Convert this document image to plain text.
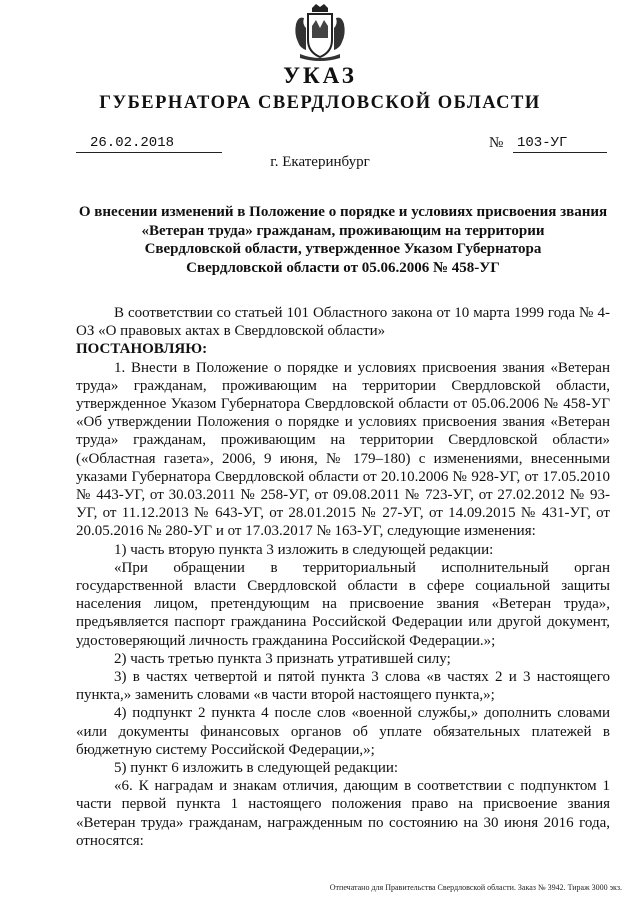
УКАЗ
ГУБЕРНАТОРА СВЕРДЛОВСКОЙ ОБЛАСТИ
26.02.2018	№ 103-УГ
г. Екатеринбург
О внесении изменений в Положение о порядке и условиях присвоения звания
«Ветеран труда» гражданам, проживающим на территории
Свердловской области, утвержденное Указом Губернатора
Свердловской области от 05.06.2006 № 458-УГ

В соответствии со статьей 101 Областного закона от 10 марта 1999 года № 4-ОЗ «О правовых актах в Свердловской области»

ПОСТАНОВЛЯЮ:

1. Внести в Положение о порядке и условиях присвоения звания «Ветеран труда» гражданам, проживающим на территории Свердловской области, утвержденное Указом Губернатора Свердловской области от 05.06.2006 № 458-УГ «Об утверждении Положения о порядке и условиях присвоения звания «Ветеран труда» гражданам, проживающим на территории Свердловской области» («Областная газета», 2006, 9 июня, № 179–180) с изменениями, внесенными указами Губернатора Свердловской области от 20.10.2006 № 928-УГ, от 17.05.2010 № 443-УГ, от 30.03.2011 № 258-УГ, от 09.08.2011 № 723-УГ, от 27.02.2012 № 93-УГ, от 11.12.2013 № 643-УГ, от 28.01.2015 № 27-УГ, от 14.09.2015 № 431-УГ, от 20.05.2016 № 280-УГ и от 17.03.2017 № 163-УГ, следующие изменения:

1) часть вторую пункта 3 изложить в следующей редакции:

«При обращении в территориальный исполнительный орган государственной власти Свердловской области в сфере социальной защиты населения лицом, претендующим на присвоение звания «Ветеран труда», предъявляется паспорт гражданина Российской Федерации или другой документ, удостоверяющий личность гражданина Российской Федерации.»;

2) часть третью пункта 3 признать утратившей силу;

3) в частях четвертой и пятой пункта 3 слова «в частях 2 и 3 настоящего пункта,» заменить словами «в части второй настоящего пункта,»;

4) подпункт 2 пункта 4 после слов «военной службы,» дополнить словами «или документы финансовых органов об уплате обязательных платежей в бюджетную систему Российской Федерации,»;

5) пункт 6 изложить в следующей редакции:

«6. К наградам и знакам отличия, дающим в соответствии с подпунктом 1 части первой пункта 1 настоящего положения право на присвоение звания «Ветеран труда» гражданам, награжденным по состоянию на 30 июня 2016 года, относятся:

Отпечатано для Правительства Свердловской области. Заказ № 3942. Тираж 3000 экз.
